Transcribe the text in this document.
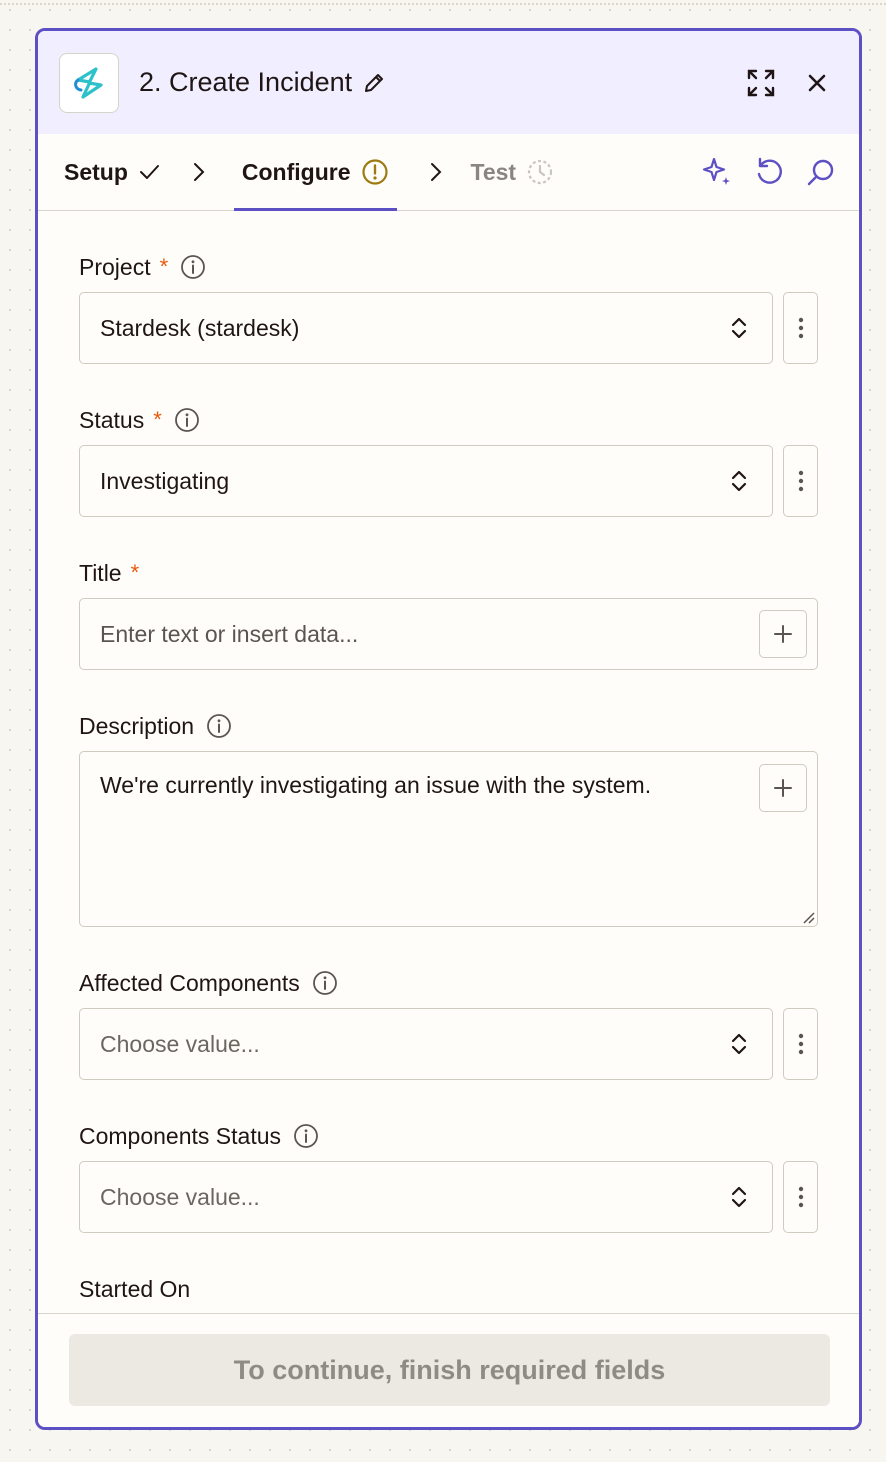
2. Create Incident
Setup	Configure	Test
Project *
Stardesk (stardesk)
Status *
Investigating
Title *
Enter text or insert data...
Description
We're currently investigating an issue with the system.
Affected Components
Choose value...
Components Status
Choose value...
Started On
To continue, finish required fields
